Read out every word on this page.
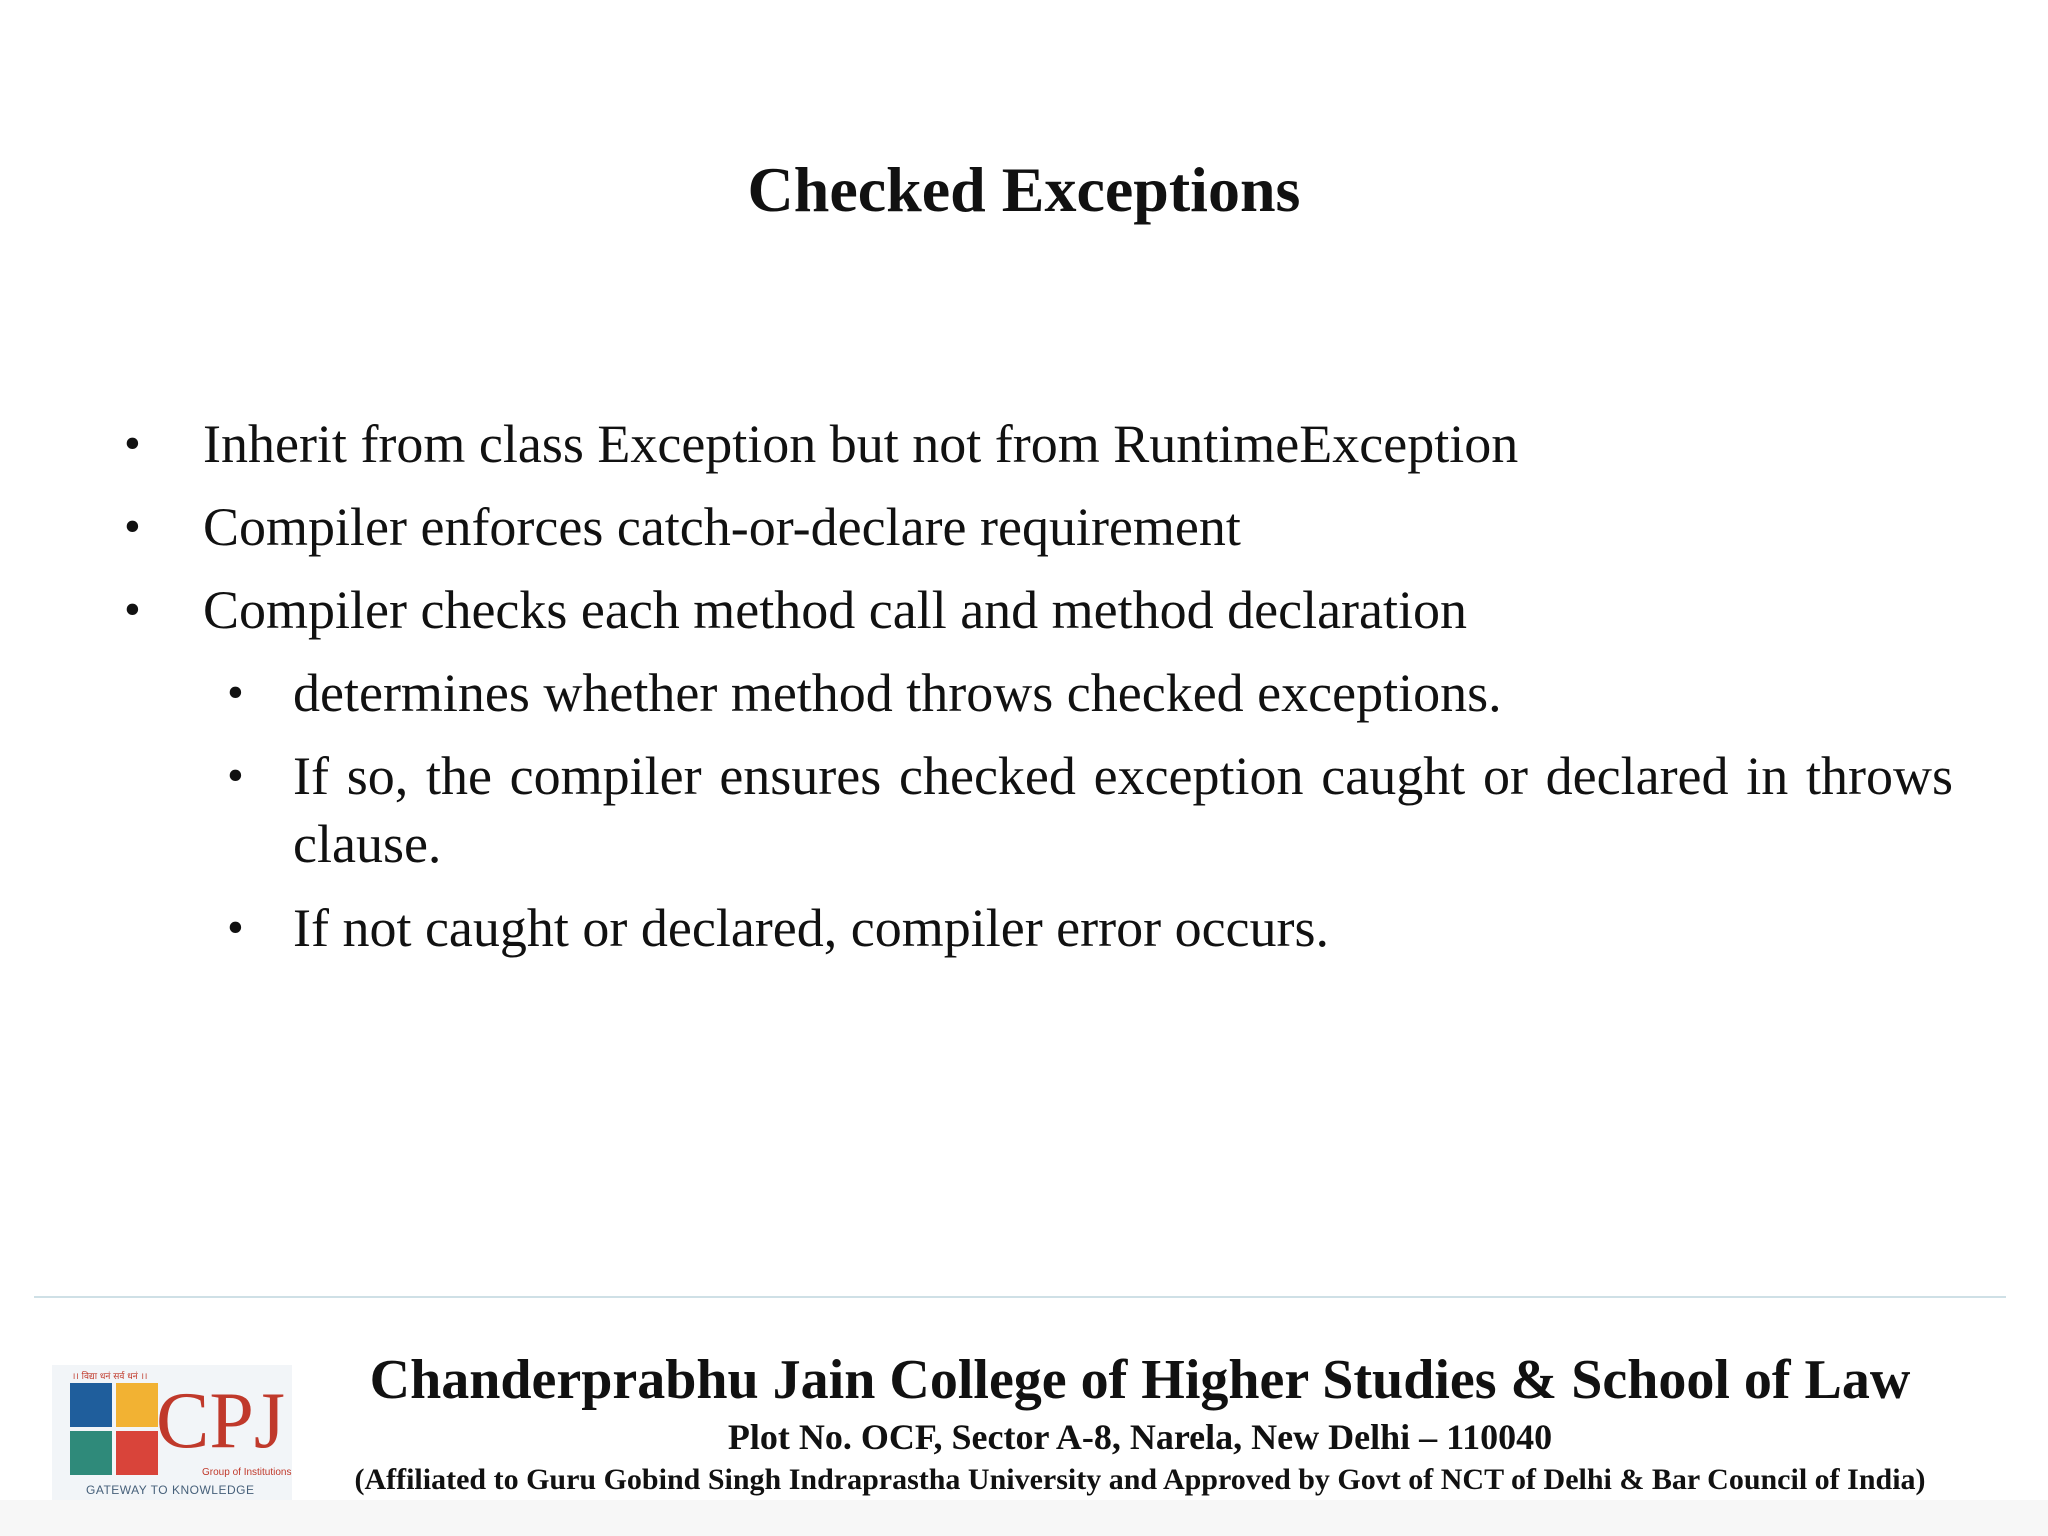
Checked Exceptions
• Inherit from class Exception but not from RuntimeException
• Compiler enforces catch-or-declare requirement
• Compiler checks each method call and method declaration
• determines whether method throws checked exceptions.
• If so, the compiler ensures checked exception caught or declared in throws clause.
• If not caught or declared, compiler error occurs.
।। विद्या धनं सर्व धनं ।। CPJ
Group of Institutions
GATEWAY TO KNOWLEDGE
Chanderprabhu Jain College of Higher Studies & School of Law
Plot No. OCF, Sector A-8, Narela, New Delhi – 110040
(Affiliated to Guru Gobind Singh Indraprastha University and Approved by Govt of NCT of Delhi & Bar Council of India)
